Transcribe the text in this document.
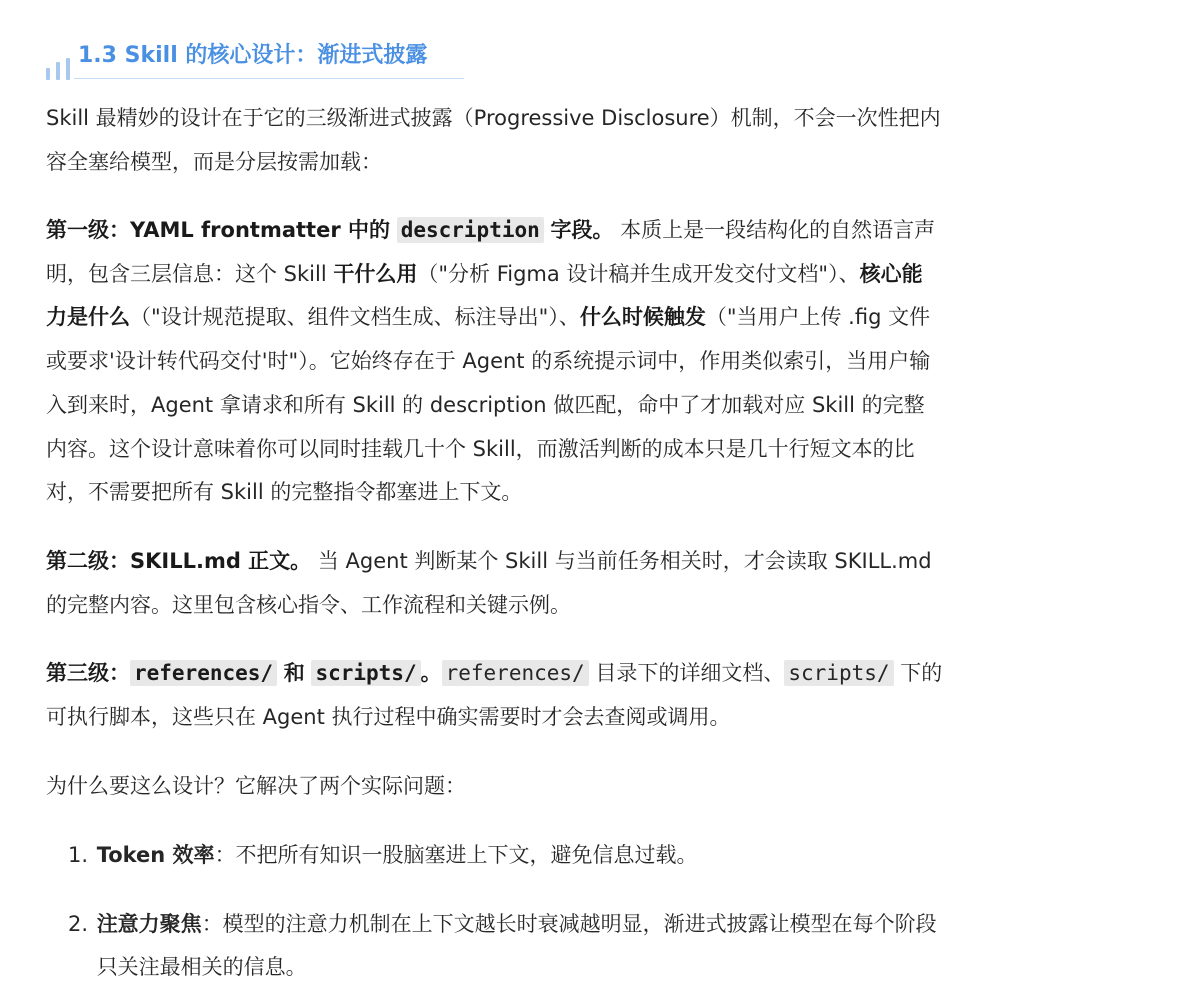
1.3 Skill 的核心设计：渐进式披露

Skill 最精妙的设计在于它的三级渐进式披露（Progressive Disclosure）机制，不会一次性把内
容全塞给模型，而是分层按需加载：

第一级：YAML frontmatter 中的 description 字段。 本质上是一段结构化的自然语言声
明，包含三层信息：这个 Skill 干什么用（"分析 Figma 设计稿并生成开发交付文档"）、核心能
力是什么（"设计规范提取、组件文档生成、标注导出"）、什么时候触发（"当用户上传 .fig 文件
或要求'设计转代码交付'时"）。它始终存在于 Agent 的系统提示词中，作用类似索引，当用户输
入到来时，Agent 拿请求和所有 Skill 的 description 做匹配，命中了才加载对应 Skill 的完整
内容。这个设计意味着你可以同时挂载几十个 Skill，而激活判断的成本只是几十行短文本的比
对，不需要把所有 Skill 的完整指令都塞进上下文。

第二级：SKILL.md 正文。 当 Agent 判断某个 Skill 与当前任务相关时，才会读取 SKILL.md
的完整内容。这里包含核心指令、工作流程和关键示例。

第三级： references/ 和 scripts/ 。 references/ 目录下的详细文档、 scripts/ 下的
可执行脚本，这些只在 Agent 执行过程中确实需要时才会去查阅或调用。

为什么要这么设计？它解决了两个实际问题：

1. Token 效率：不把所有知识一股脑塞进上下文，避免信息过载。
2. 注意力聚焦：模型的注意力机制在上下文越长时衰减越明显，渐进式披露让模型在每个阶段
只关注最相关的信息。
